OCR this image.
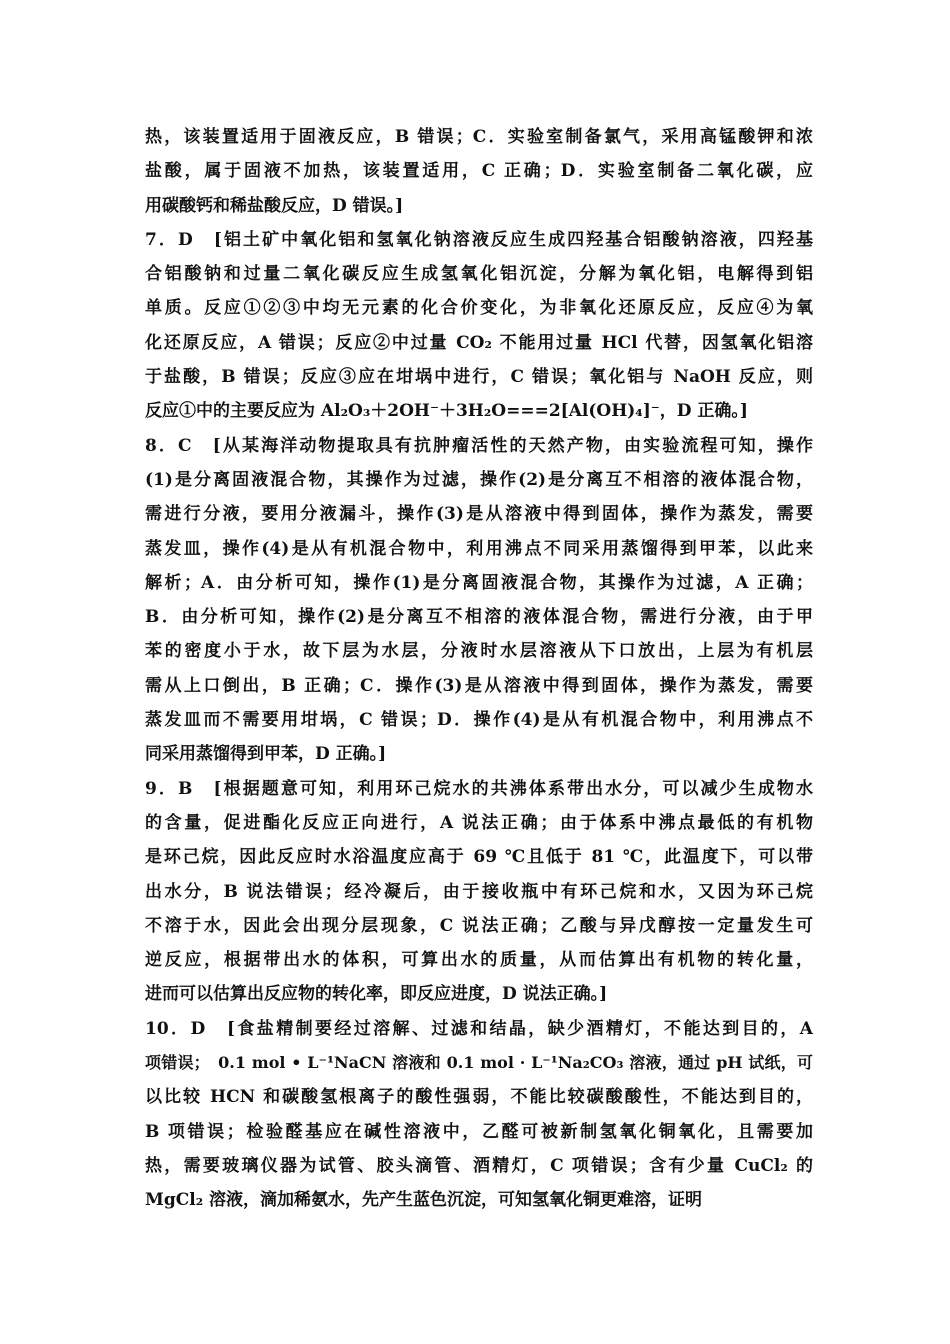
热，该装置适用于固液反应，B 错误；C．实验室制备氯气，采用高锰酸钾和浓
盐酸，属于固液不加热，该装置适用，C 正确；D．实验室制备二氧化碳，应
用碳酸钙和稀盐酸反应，D 错误。]
7．D　[铝土矿中氧化铝和氢氧化钠溶液反应生成四羟基合铝酸钠溶液，四羟基
合铝酸钠和过量二氧化碳反应生成氢氧化铝沉淀，分解为氧化铝，电解得到铝
单质。反应①②③中均无元素的化合价变化，为非氧化还原反应，反应④为氧
化还原反应，A 错误；反应②中过量 CO₂ 不能用过量 HCl 代替，因氢氧化铝溶
于盐酸，B 错误；反应③应在坩埚中进行，C 错误；氧化铝与 NaOH 反应，则
反应①中的主要反应为 Al₂O₃＋2OH⁻＋3H₂O===2[Al(OH)₄]⁻，D 正确。]
8．C　[从某海洋动物提取具有抗肿瘤活性的天然产物，由实验流程可知，操作
(1)是分离固液混合物，其操作为过滤，操作(2)是分离互不相溶的液体混合物，
需进行分液，要用分液漏斗，操作(3)是从溶液中得到固体，操作为蒸发，需要
蒸发皿，操作(4)是从有机混合物中，利用沸点不同采用蒸馏得到甲苯，以此来
解析；A．由分析可知，操作(1)是分离固液混合物，其操作为过滤，A 正确；
B．由分析可知，操作(2)是分离互不相溶的液体混合物，需进行分液，由于甲
苯的密度小于水，故下层为水层，分液时水层溶液从下口放出，上层为有机层
需从上口倒出，B 正确；C．操作(3)是从溶液中得到固体，操作为蒸发，需要
蒸发皿而不需要用坩埚，C 错误；D．操作(4)是从有机混合物中，利用沸点不
同采用蒸馏得到甲苯，D 正确。]
9．B　[根据题意可知，利用环己烷水的共沸体系带出水分，可以减少生成物水
的含量，促进酯化反应正向进行，A 说法正确；由于体系中沸点最低的有机物
是环己烷，因此反应时水浴温度应高于 69 ℃且低于 81 ℃，此温度下，可以带
出水分，B 说法错误；经冷凝后，由于接收瓶中有环己烷和水，又因为环己烷
不溶于水，因此会出现分层现象，C 说法正确；乙酸与异戊醇按一定量发生可
逆反应，根据带出水的体积，可算出水的质量，从而估算出有机物的转化量，
进而可以估算出反应物的转化率，即反应进度，D 说法正确。]
10．D　[食盐精制要经过溶解、过滤和结晶，缺少酒精灯，不能达到目的，A
项错误；　0.1 mol • L⁻¹NaCN 溶液和 0.1 mol · L⁻¹Na₂CO₃ 溶液，通过 pH 试纸，可
以比较 HCN 和碳酸氢根离子的酸性强弱，不能比较碳酸酸性，不能达到目的，
B 项错误；检验醛基应在碱性溶液中，乙醛可被新制氢氧化铜氧化，且需要加
热，需要玻璃仪器为试管、胶头滴管、酒精灯，C 项错误；含有少量 CuCl₂ 的
MgCl₂ 溶液，滴加稀氨水，先产生蓝色沉淀，可知氢氧化铜更难溶，证明
